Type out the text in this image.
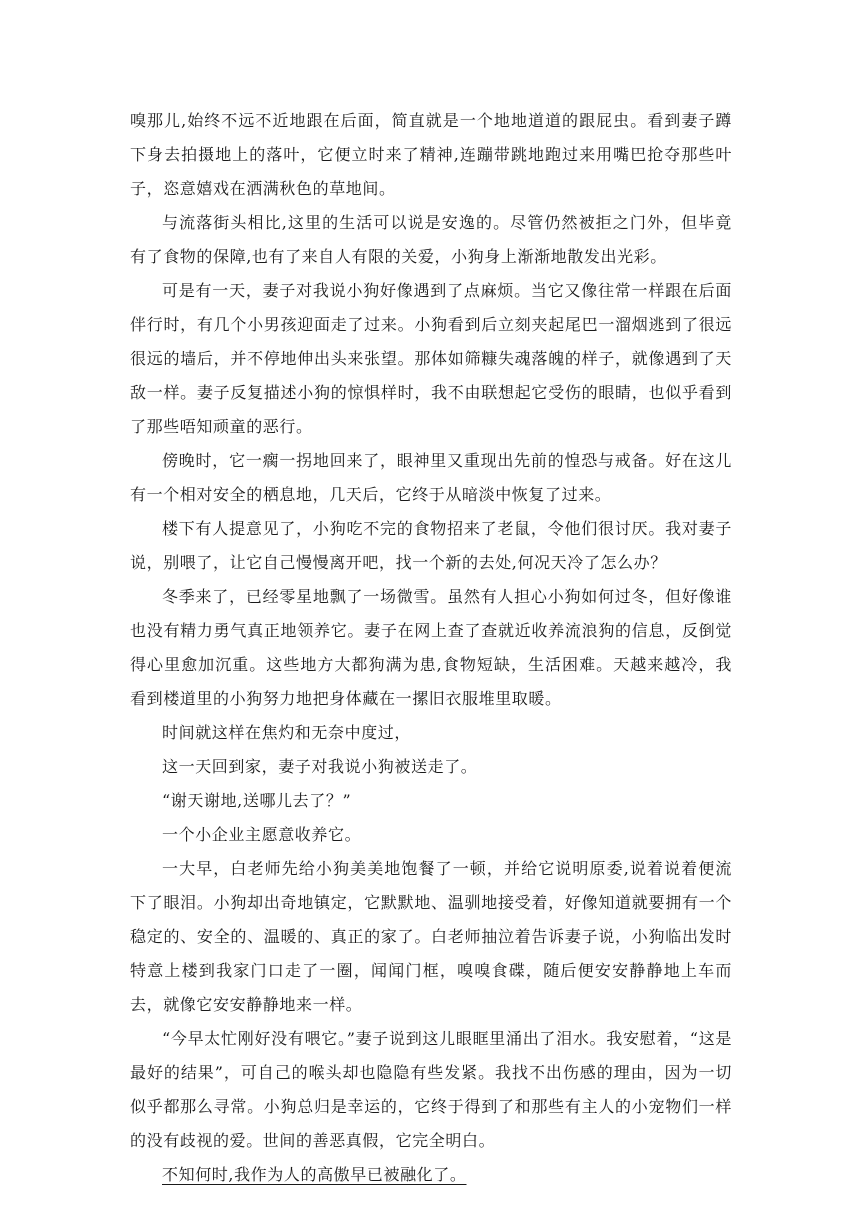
嗅那儿,始终不远不近地跟在后面，简直就是一个地地道道的跟屁虫。看到妻子蹲下身去拍摄地上的落叶，它便立时来了精神,连蹦带跳地跑过来用嘴巴抢夺那些叶子，恣意嬉戏在洒满秋色的草地间。

与流落街头相比,这里的生活可以说是安逸的。尽管仍然被拒之门外，但毕竟有了食物的保障,也有了来自人有限的关爱，小狗身上渐渐地散发出光彩。

可是有一天，妻子对我说小狗好像遇到了点麻烦。当它又像往常一样跟在后面伴行时，有几个小男孩迎面走了过来。小狗看到后立刻夹起尾巴一溜烟逃到了很远很远的墙后，并不停地伸出头来张望。那体如筛糠失魂落魄的样子，就像遇到了天敌一样。妻子反复描述小狗的惊惧样时，我不由联想起它受伤的眼睛，也似乎看到了那些唔知顽童的恶行。

傍晚时，它一瘸一拐地回来了，眼神里又重现出先前的惶恐与戒备。好在这儿有一个相对安全的栖息地，几天后，它终于从暗淡中恢复了过来。

楼下有人提意见了，小狗吃不完的食物招来了老鼠，令他们很讨厌。我对妻子说，别喂了，让它自己慢慢离开吧，找一个新的去处,何况天冷了怎么办？

冬季来了，已经零星地飘了一场微雪。虽然有人担心小狗如何过冬，但好像谁也没有精力勇气真正地领养它。妻子在网上查了查就近收养流浪狗的信息，反倒觉得心里愈加沉重。这些地方大都狗满为患,食物短缺，生活困难。天越来越冷，我看到楼道里的小狗努力地把身体藏在一摞旧衣服堆里取暖。

时间就这样在焦灼和无奈中度过，

这一天回到家，妻子对我说小狗被送走了。

“谢天谢地,送哪儿去了？”

一个小企业主愿意收养它。

一大早，白老师先给小狗美美地饱餐了一顿，并给它说明原委,说着说着便流下了眼泪。小狗却出奇地镇定，它默默地、温驯地接受着，好像知道就要拥有一个稳定的、安全的、温暖的、真正的家了。白老师抽泣着告诉妻子说，小狗临出发时特意上楼到我家门口走了一圈，闻闻门框，嗅嗅食碟，随后便安安静静地上车而去，就像它安安静静地来一样。

“今早太忙刚好没有喂它。”妻子说到这儿眼眶里涌出了泪水。我安慰着，“这是最好的结果”，可自己的喉头却也隐隐有些发紧。我找不出伤感的理由，因为一切似乎都那么寻常。小狗总归是幸运的，它终于得到了和那些有主人的小宠物们一样的没有歧视的爱。世间的善恶真假，它完全明白。

不知何时,我作为人的高傲早已被融化了。
